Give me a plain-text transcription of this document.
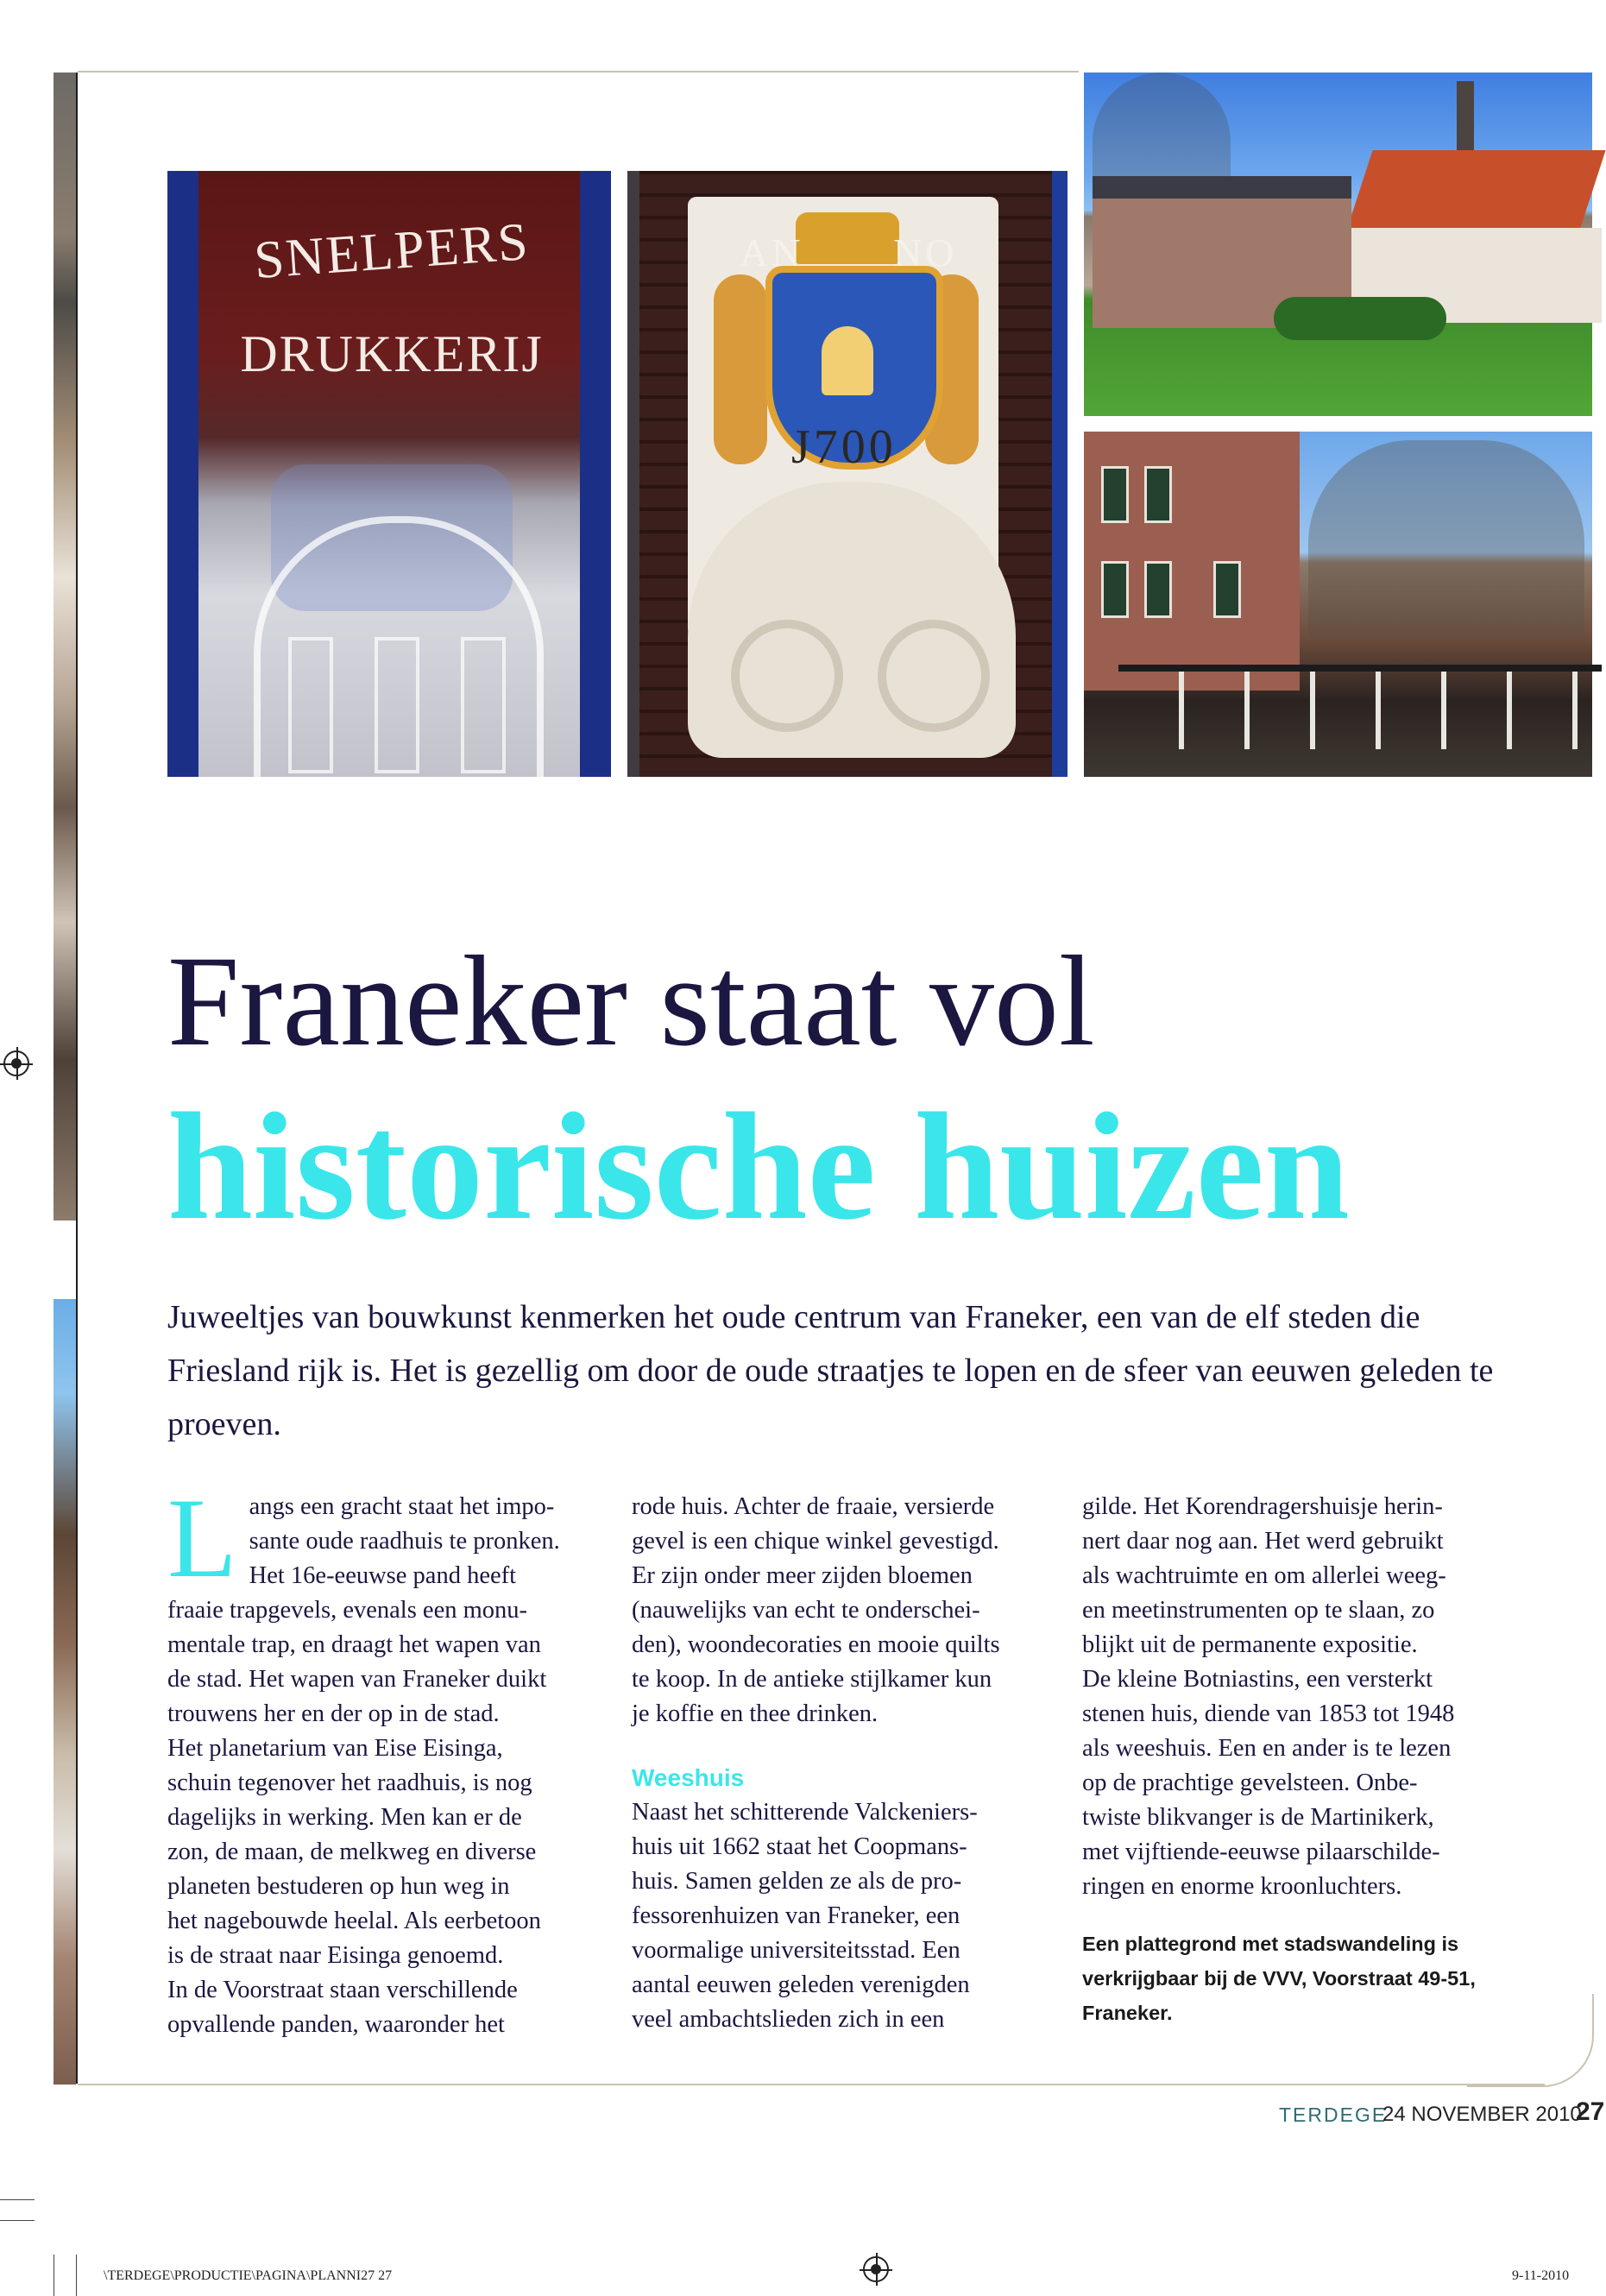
SNELPERS
DRUKKERIJ
AN NO
J700
Franeker staat vol
historische huizen
Juweeltjes van bouwkunst kenmerken het oude centrum van Franeker, een van de elf steden die Friesland rijk is. Het is gezellig om door de oude straatjes te lopen en de sfeer van eeuwen geleden te proeven.
L angs een gracht staat het impo-
sante oude raadhuis te pronken.
Het 16e-eeuwse pand heeft
fraaie trapgevels, evenals een monu-
mentale trap, en draagt het wapen van
de stad. Het wapen van Franeker duikt
trouwens her en der op in de stad.
Het planetarium van Eise Eisinga,
schuin tegenover het raadhuis, is nog
dagelijks in werking. Men kan er de
zon, de maan, de melkweg en diverse
planeten bestuderen op hun weg in
het nagebouwde heelal. Als eerbetoon
is de straat naar Eisinga genoemd.
In de Voorstraat staan verschillende
opvallende panden, waaronder het

rode huis. Achter de fraaie, versierde
gevel is een chique winkel gevestigd.
Er zijn onder meer zijden bloemen
(nauwelijks van echt te onderschei-
den), woondecoraties en mooie quilts
te koop. In de antieke stijlkamer kun
je koffie en thee drinken.

Weeshuis

Naast het schitterende Valckeniers-
huis uit 1662 staat het Coopmans-
huis. Samen gelden ze als de pro-
fessorenhuizen van Franeker, een
voormalige universiteitsstad. Een
aantal eeuwen geleden verenigden
veel ambachtslieden zich in een

gilde. Het Korendragershuisje herin-
nert daar nog aan. Het werd gebruikt
als wachtruimte en om allerlei weeg-
en meetinstrumenten op te slaan, zo
blijkt uit de permanente expositie.
De kleine Botniastins, een versterkt
stenen huis, diende van 1853 tot 1948
als weeshuis. Een en ander is te lezen
op de prachtige gevelsteen. Onbe-
twiste blikvanger is de Martinikerk,
met vijftiende-eeuwse pilaarschilde-
ringen en enorme kroonluchters.

Een plattegrond met stadswandeling is
verkrijgbaar bij de VVV, Voorstraat 49-51,
Franeker.

TERDEGE
24 NOVEMBER 2010
27
\TERDEGE\PRODUCTIE\PAGINA\PLANNI27 27	9-11-2010
